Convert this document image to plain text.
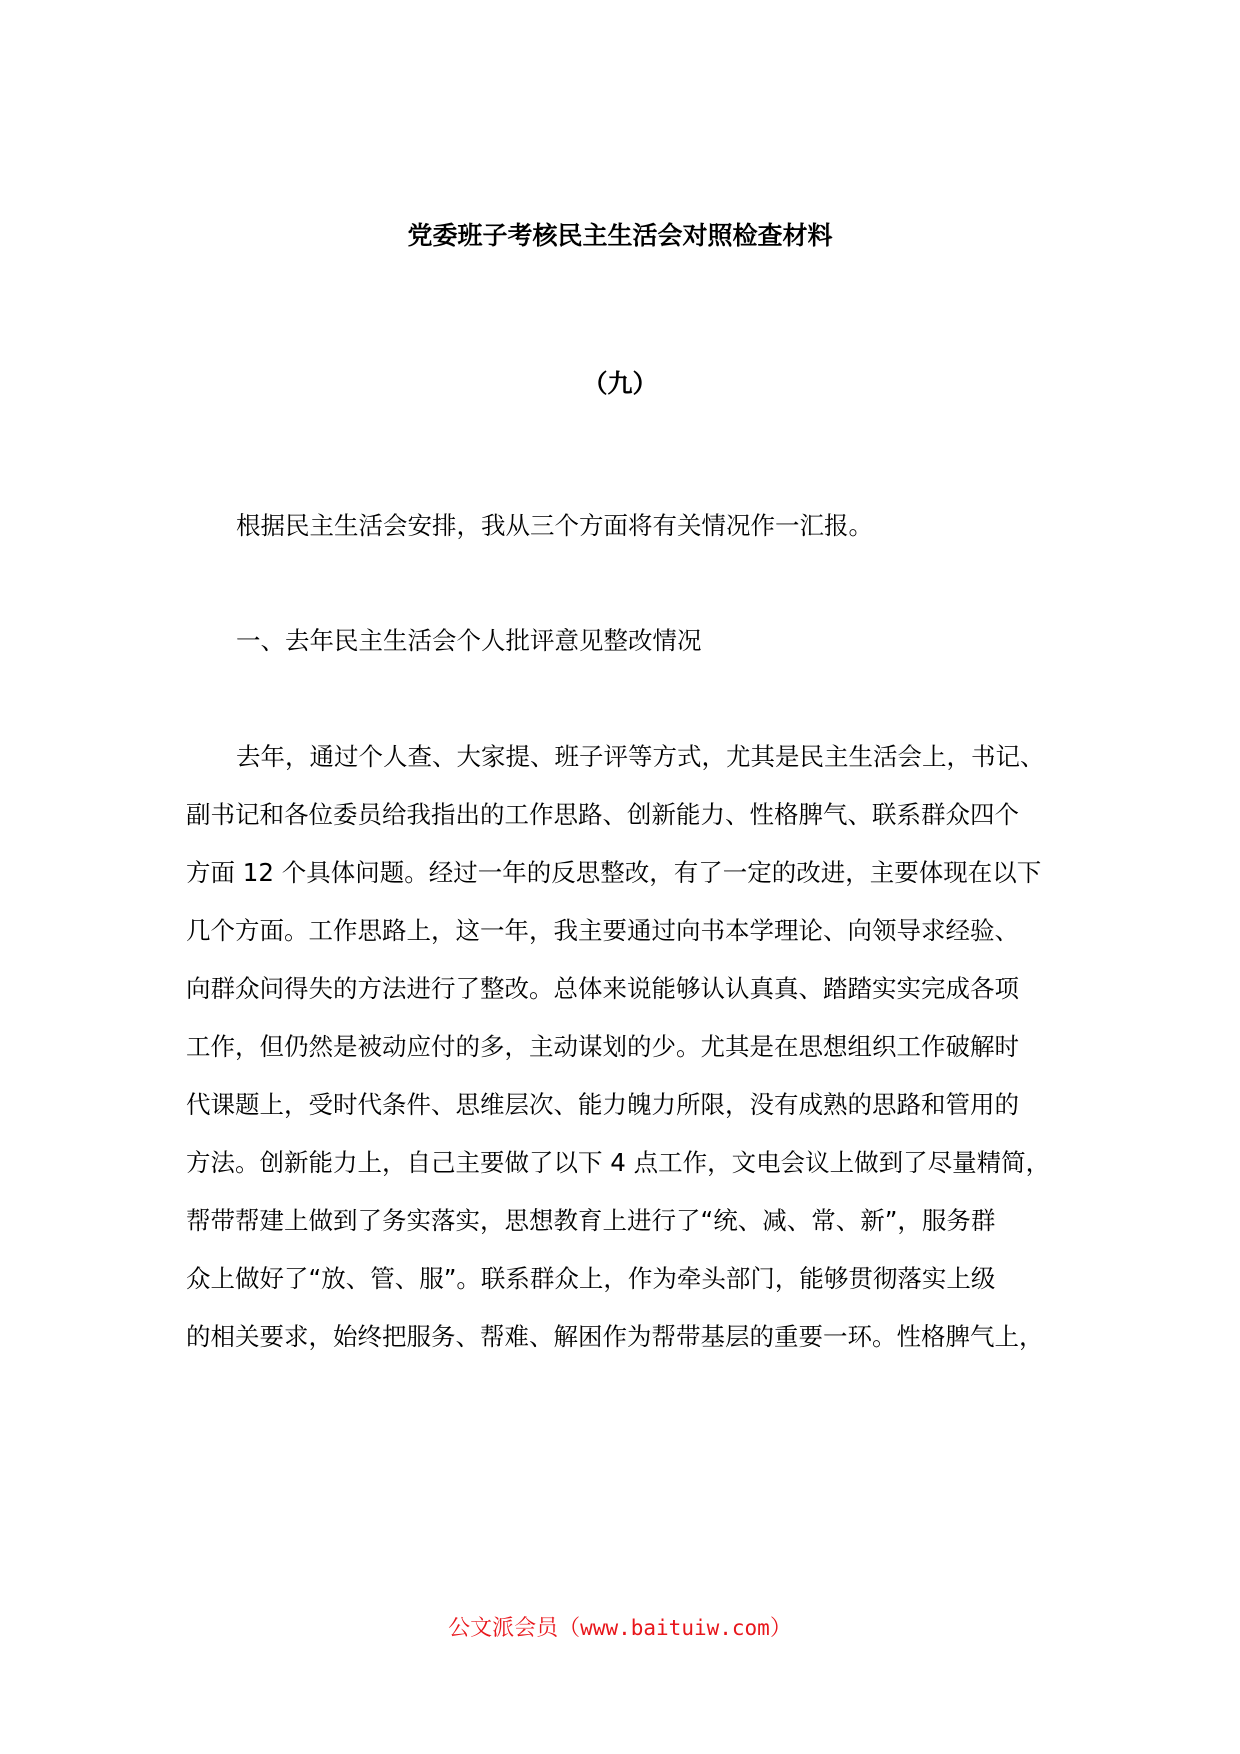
党委班子考核民主生活会对照检查材料
（九）
根据民主生活会安排，我从三个方面将有关情况作一汇报。
一、去年民主生活会个人批评意见整改情况
去年，通过个人查、大家提、班子评等方式，尤其是民主生活会上，书记、
副书记和各位委员给我指出的工作思路、创新能力、性格脾气、联系群众四个
方面 12 个具体问题。经过一年的反思整改，有了一定的改进，主要体现在以下
几个方面。工作思路上，这一年，我主要通过向书本学理论、向领导求经验、
向群众问得失的方法进行了整改。总体来说能够认认真真、踏踏实实完成各项
工作，但仍然是被动应付的多，主动谋划的少。尤其是在思想组织工作破解时
代课题上，受时代条件、思维层次、能力魄力所限，没有成熟的思路和管用的
方法。创新能力上，自己主要做了以下 4 点工作，文电会议上做到了尽量精简，
帮带帮建上做到了务实落实，思想教育上进行了“统、减、常、新”，服务群
众上做好了“放、管、服”。联系群众上，作为牵头部门，能够贯彻落实上级
的相关要求，始终把服务、帮难、解困作为帮带基层的重要一环。性格脾气上，
公文派会员（www.baituiw.com）
